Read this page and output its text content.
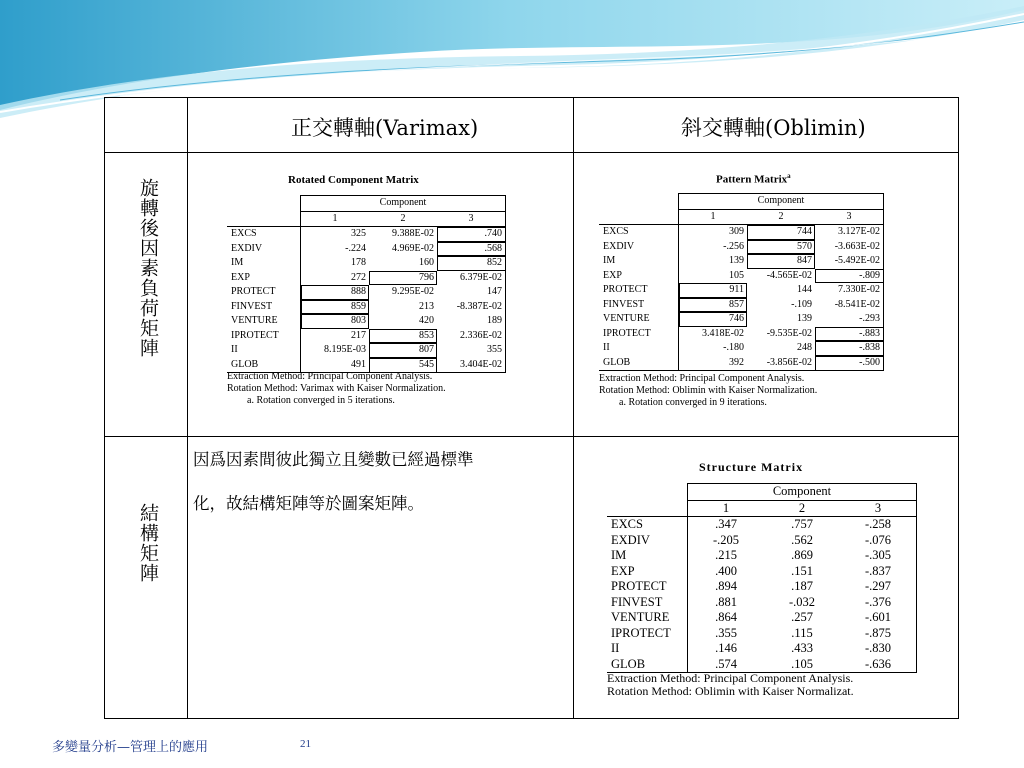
正交轉軸(Varimax)	斜交轉軸(Oblimin)
旋轉後因素負荷矩陣
結構矩陣
Rotated Component Matrix
	Component		
	1	2	3
EXCS	325	9.388E-02	.740
EXDIV	-.224	4.969E-02	.568
IM	178	160	852
EXP	272	796	6.379E-02
PROTECT	888	9.295E-02	147
FINVEST	859	213	-8.387E-02
VENTURE	803	420	189
IPROTECT	217	853	2.336E-02
II	8.195E-03	807	355
GLOB	491	545	3.404E-02
Extraction Method: Principal Component Analysis.
Rotation Method: Varimax with Kaiser Normalization.
a. Rotation converged in 5 iterations.
Pattern Matrix$^a$
	Component		
	1	2	3
EXCS	309	744	3.127E-02
EXDIV	-.256	570	-3.663E-02
IM	139	847	-5.492E-02
EXP	105	-4.565E-02	-.809
PROTECT	911	144	7.330E-02
FINVEST	857	-.109	-8.541E-02
VENTURE	746	139	-.293
IPROTECT	3.418E-02	-9.535E-02	-.883
II	-.180	248	-.838
GLOB	392	-3.856E-02	-.500
Extraction Method: Principal Component Analysis.
Rotation Method: Oblimin with Kaiser Normalization.
a. Rotation converged in 9 iterations.
因爲因素間彼此獨立且變數已經過標準
化，故結構矩陣等於圖案矩陣。
Structure Matrix
	Component		
	1	2	3
EXCS	.347	.757	-.258
EXDIV	-.205	.562	-.076
IM	.215	.869	-.305
EXP	.400	.151	-.837
PROTECT	.894	.187	-.297
FINVEST	.881	-.032	-.376
VENTURE	.864	.257	-.601
IPROTECT	.355	.115	-.875
II	.146	.433	-.830
GLOB	.574	.105	-.636
Extraction Method: Principal Component Analysis.
Rotation Method: Oblimin with Kaiser Normalizat.
多變量分析—管理上的應用	21
